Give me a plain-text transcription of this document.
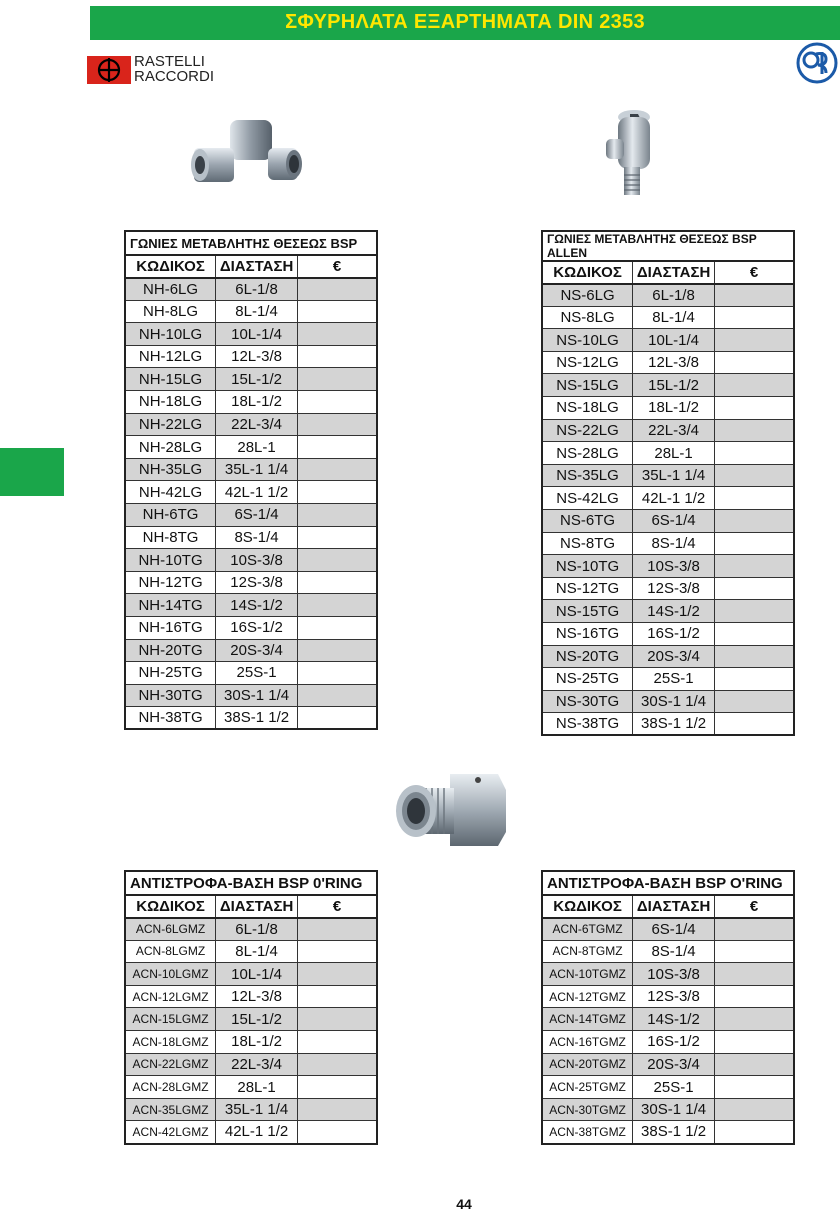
ΣΦΥΡΗΛΑΤΑ ΕΞΑΡΤΗΜΑΤΑ DIN 2353
RASTELLI
RACCORDI
ΓΩΝΙΕΣ ΜΕΤΑΒΛΗΤΗΣ ΘΕΣΕΩΣ BSP		
ΚΩΔΙΚΟΣ	ΔΙΑΣΤΑΣΗ	€
NH-6LG	6L-1/8	
NH-8LG	8L-1/4	
NH-10LG	10L-1/4	
NH-12LG	12L-3/8	
NH-15LG	15L-1/2	
NH-18LG	18L-1/2	
NH-22LG	22L-3/4	
NH-28LG	28L-1	
NH-35LG	35L-1 1/4	
NH-42LG	42L-1 1/2	
NH-6TG	6S-1/4	
NH-8TG	8S-1/4	
NH-10TG	10S-3/8	
NH-12TG	12S-3/8	
NH-14TG	14S-1/2	
NH-16TG	16S-1/2	
NH-20TG	20S-3/4	
NH-25TG	25S-1	
NH-30TG	30S-1 1/4	
NH-38TG	38S-1 1/2	
ΓΩΝΙΕΣ ΜΕΤΑΒΛΗΤΗΣ ΘΕΣΕΩΣ BSP ALLEN		
ΚΩΔΙΚΟΣ	ΔΙΑΣΤΑΣΗ	€
NS-6LG	6L-1/8	
NS-8LG	8L-1/4	
NS-10LG	10L-1/4	
NS-12LG	12L-3/8	
NS-15LG	15L-1/2	
NS-18LG	18L-1/2	
NS-22LG	22L-3/4	
NS-28LG	28L-1	
NS-35LG	35L-1 1/4	
NS-42LG	42L-1 1/2	
NS-6TG	6S-1/4	
NS-8TG	8S-1/4	
NS-10TG	10S-3/8	
NS-12TG	12S-3/8	
NS-15TG	14S-1/2	
NS-16TG	16S-1/2	
NS-20TG	20S-3/4	
NS-25TG	25S-1	
NS-30TG	30S-1 1/4	
NS-38TG	38S-1 1/2	
ΑΝΤΙΣΤΡΟΦΑ-ΒΑΣΗ BSP 0'RING		
ΚΩΔΙΚΟΣ	ΔΙΑΣΤΑΣΗ	€
ACN-6LGMZ	6L-1/8	
ACN-8LGMZ	8L-1/4	
ACN-10LGMZ	10L-1/4	
ACN-12LGMZ	12L-3/8	
ACN-15LGMZ	15L-1/2	
ACN-18LGMZ	18L-1/2	
ACN-22LGMZ	22L-3/4	
ACN-28LGMZ	28L-1	
ACN-35LGMZ	35L-1 1/4	
ACN-42LGMZ	42L-1 1/2	
ΑΝΤΙΣΤΡΟΦΑ-ΒΑΣΗ BSP O'RING		
ΚΩΔΙΚΟΣ	ΔΙΑΣΤΑΣΗ	€
ACN-6TGMZ	6S-1/4	
ACN-8TGMZ	8S-1/4	
ACN-10TGMZ	10S-3/8	
ACN-12TGMZ	12S-3/8	
ACN-14TGMZ	14S-1/2	
ACN-16TGMZ	16S-1/2	
ACN-20TGMZ	20S-3/4	
ACN-25TGMZ	25S-1	
ACN-30TGMZ	30S-1 1/4	
ACN-38TGMZ	38S-1 1/2	
44
